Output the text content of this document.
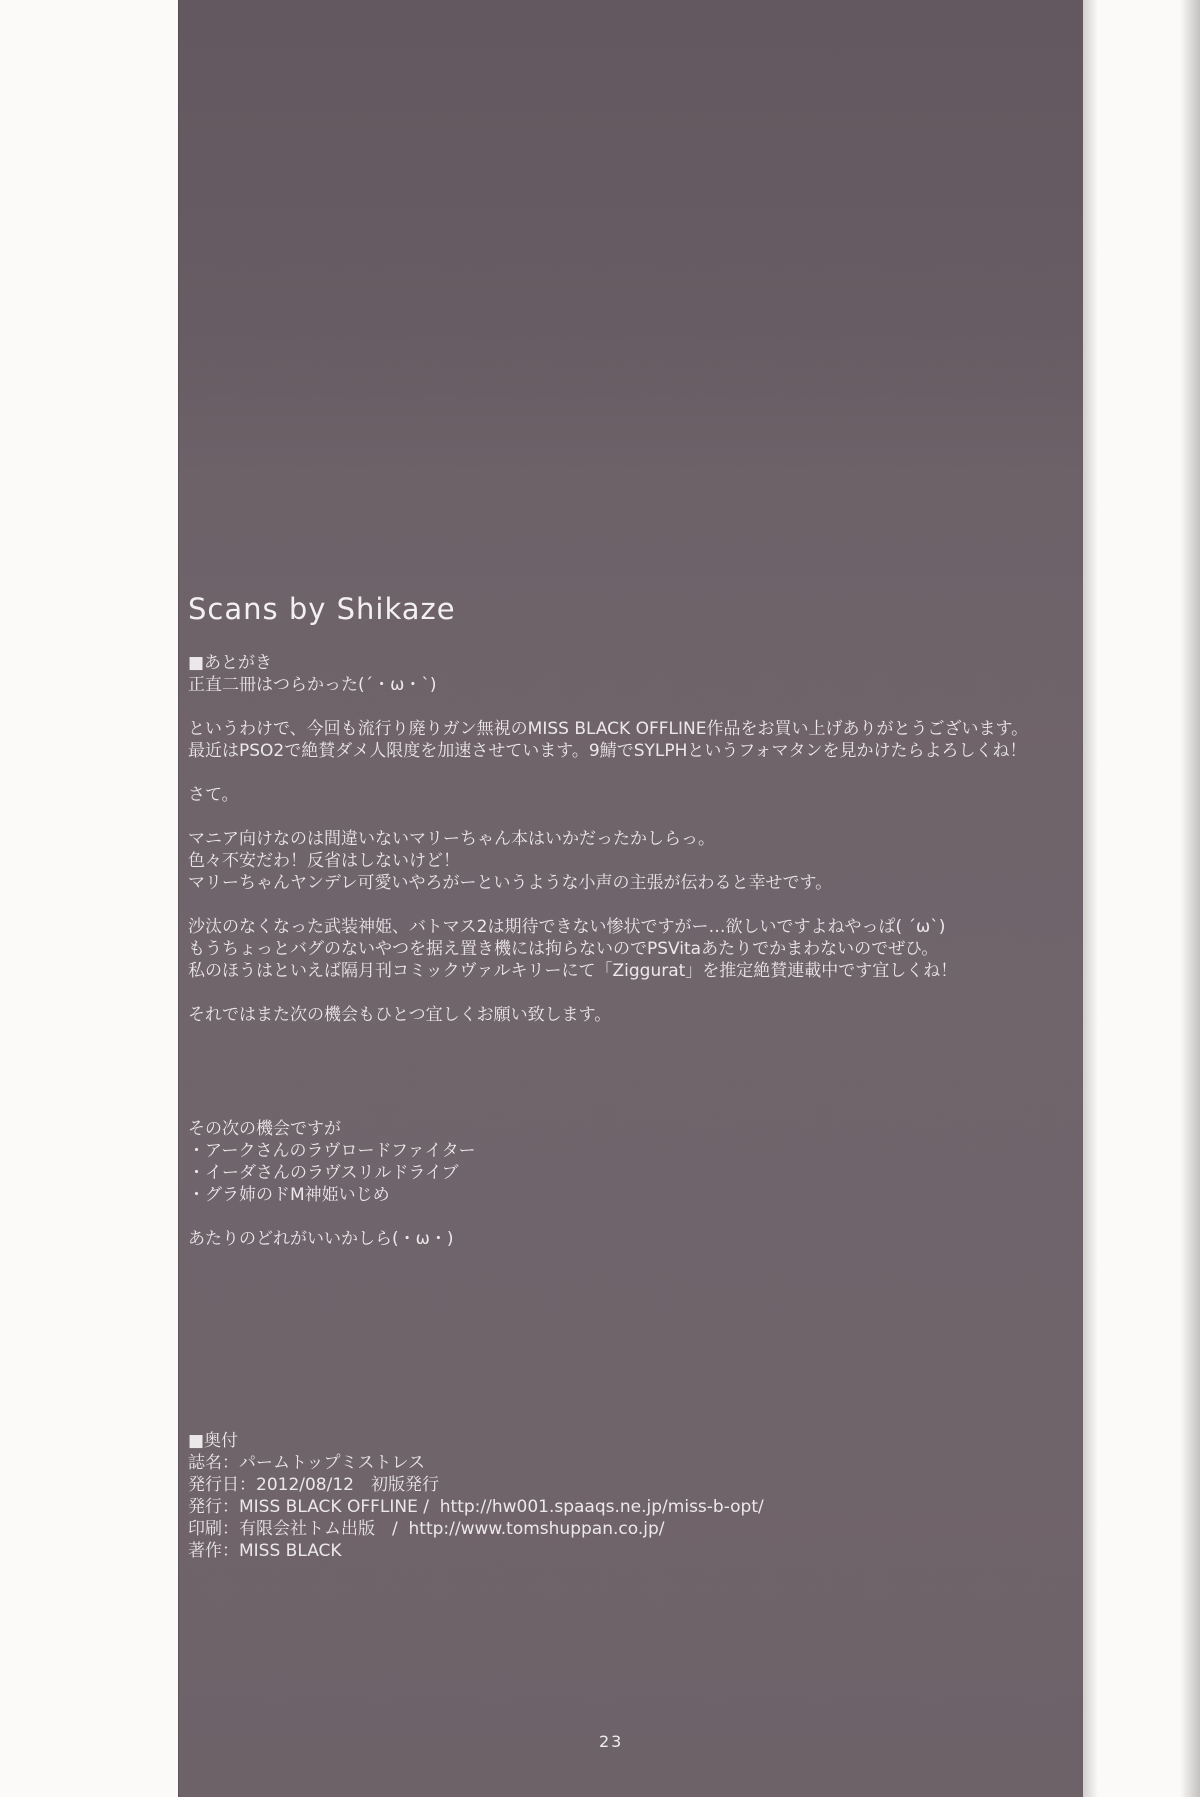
Scans by Shikaze
■あとがき
正直二冊はつらかった(´・ω・`)
というわけで、今回も流行り廃りガン無視のMISS BLACK OFFLINE作品をお買い上げありがとうございます。
最近はPSO2で絶賛ダメ人限度を加速させています。9鯖でSYLPHというフォマタンを見かけたらよろしくね！
さて。
マニア向けなのは間違いないマリーちゃん本はいかだったかしらっ。
色々不安だわ！反省はしないけど！
マリーちゃんヤンデレ可愛いやろがーというような小声の主張が伝わると幸せです。
沙汰のなくなった武装神姫、バトマス2は期待できない惨状ですがー…欲しいですよねやっぱ( ´ω`)
もうちょっとバグのないやつを据え置き機には拘らないのでPSVitaあたりでかまわないのでぜひ。
私のほうはといえば隔月刊コミックヴァルキリーにて「Ziggurat」を推定絶賛連載中です宜しくね！
それではまた次の機会もひとつ宜しくお願い致します。
その次の機会ですが
・アークさんのラヴロードファイター
・イーダさんのラヴスリルドライブ
・グラ姉のドM神姫いじめ
あたりのどれがいいかしら(・ω・)
■奥付
誌名：パームトップミストレス
発行日：2012/08/12　初版発行
発行：MISS BLACK OFFLINE /  http://hw001.spaaqs.ne.jp/miss-b-opt/
印刷：有限会社トム出版　/  http://www.tomshuppan.co.jp/
著作：MISS BLACK
23
